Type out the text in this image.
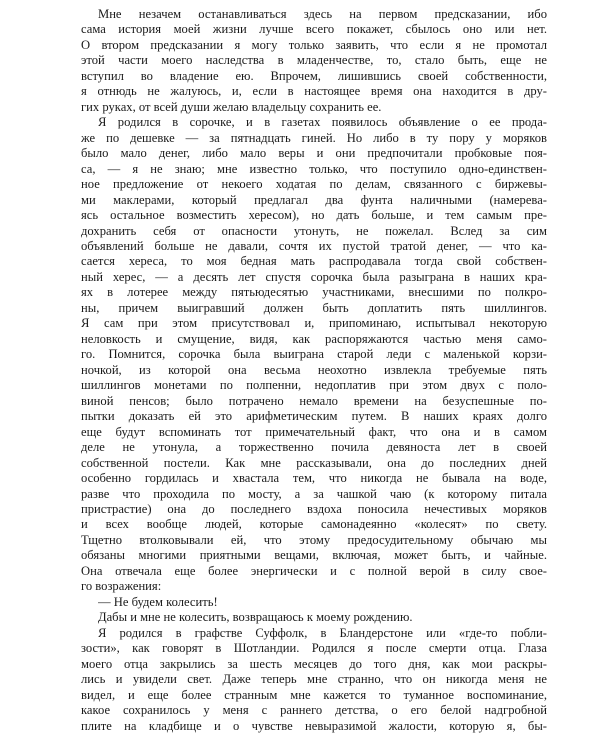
Мне незачем останавливаться здесь на первом предсказании, ибо
сама история моей жизни лучше всего покажет, сбылось оно или нет.
О втором предсказании я могу только заявить, что если я не промотал
этой части моего наследства в младенчестве, то, стало быть, еще не
вступил во владение ею. Впрочем, лишившись своей собственности,
я отнюдь не жалуюсь, и, если в настоящее время она находится в дру-
гих руках, от всей души желаю владельцу сохранить ее.
Я родился в сорочке, и в газетах появилось объявление о ее прода-
же по дешевке — за пятнадцать гиней. Но либо в ту пору у моряков
было мало денег, либо мало веры и они предпочитали пробковые поя-
са, — я не знаю; мне известно только, что поступило одно-единствен-
ное предложение от некоего ходатая по делам, связанного с биржевы-
ми маклерами, который предлагал два фунта наличными (намерева-
ясь остальное возместить хересом), но дать больше, и тем самым пре-
дохранить себя от опасности утонуть, не пожелал. Вслед за сим
объявлений больше не давали, сочтя их пустой тратой денег, — что ка-
сается хереса, то моя бедная мать распродавала тогда свой собствен-
ный херес, — а десять лет спустя сорочка была разыграна в наших кра-
ях в лотерее между пятьюдесятью участниками, внесшими по полкро-
ны, причем выигравший должен быть доплатить пять шиллингов.
Я сам при этом присутствовал и, припоминаю, испытывал некоторую
неловкость и смущение, видя, как распоряжаются частью меня само-
го. Помнится, сорочка была выиграна старой леди с маленькой корзи-
ночкой, из которой она весьма неохотно извлекла требуемые пять
шиллингов монетами по полпенни, недоплатив при этом двух с поло-
виной пенсов; было потрачено немало времени на безуспешные по-
пытки доказать ей это арифметическим путем. В наших краях долго
еще будут вспоминать тот примечательный факт, что она и в самом
деле не утонула, а торжественно почила девяноста лет в своей
собственной постели. Как мне рассказывали, она до последних дней
особенно гордилась и хвастала тем, что никогда не бывала на воде,
разве что проходила по мосту, а за чашкой чаю (к которому питала
пристрастие) она до последнего вздоха поносила нечестивых моряков
и всех вообще людей, которые самонадеянно «колесят» по свету.
Тщетно втолковывали ей, что этому предосудительному обычаю мы
обязаны многими приятными вещами, включая, может быть, и чайные.
Она отвечала еще более энергически и с полной верой в силу свое-
го возражения:
— Не будем колесить!
Дабы и мне не колесить, возвращаюсь к моему рождению.
Я родился в графстве Суффолк, в Бландерстоне или «где-то побли-
зости», как говорят в Шотландии. Родился я после смерти отца. Глаза
моего отца закрылись за шесть месяцев до того дня, как мои раскры-
лись и увидели свет. Даже теперь мне странно, что он никогда меня не
видел, и еще более странным мне кажется то туманное воспоминание,
какое сохранилось у меня с раннего детства, о его белой надгробной
плите на кладбище и о чувстве невыразимой жалости, которую я, бы-
